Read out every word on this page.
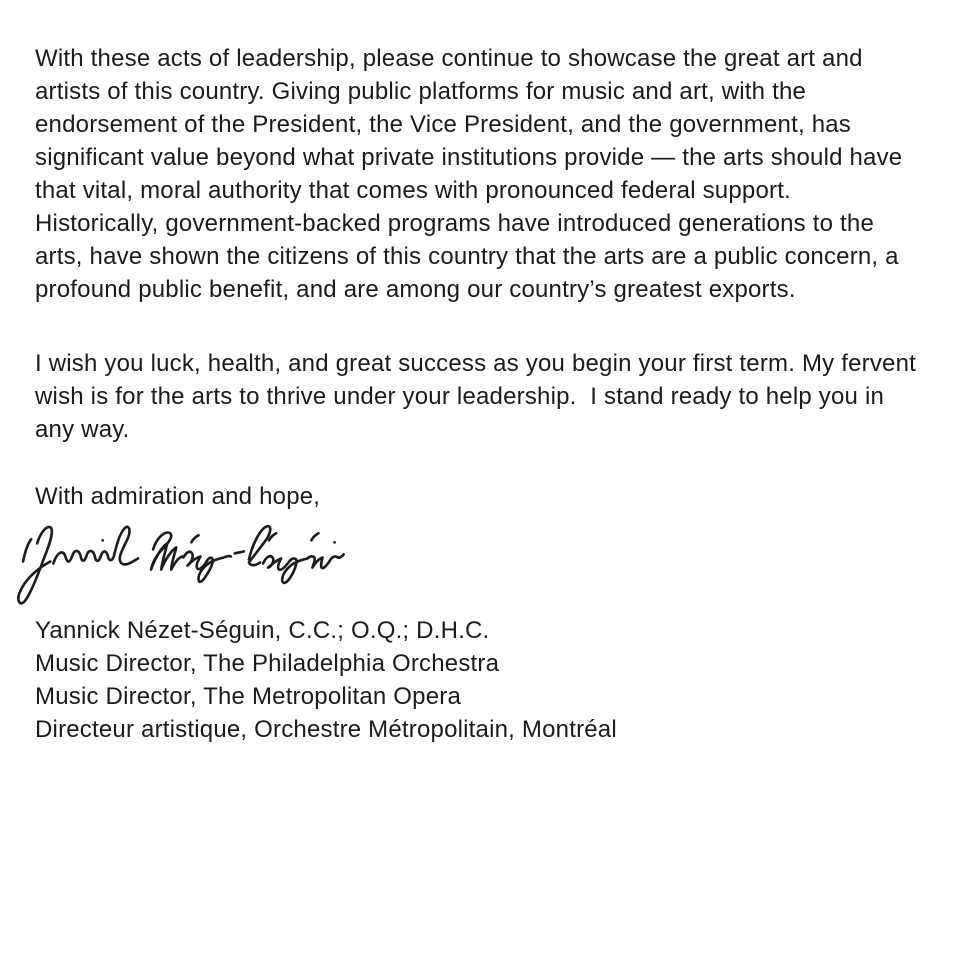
With these acts of leadership, please continue to showcase the great art and
artists of this country. Giving public platforms for music and art, with the
endorsement of the President, the Vice President, and the government, has
significant value beyond what private institutions provide — the arts should have
that vital, moral authority that comes with pronounced federal support.
Historically, government-backed programs have introduced generations to the
arts, have shown the citizens of this country that the arts are a public concern, a
profound public benefit, and are among our country’s greatest exports.
I wish you luck, health, and great success as you begin your first term. My fervent
wish is for the arts to thrive under your leadership.  I stand ready to help you in
any way.
With admiration and hope,
Yannick Nézet-Séguin, C.C.; O.Q.; D.H.C.
Music Director, The Philadelphia Orchestra
Music Director, The Metropolitan Opera
Directeur artistique, Orchestre Métropolitain, Montréal
